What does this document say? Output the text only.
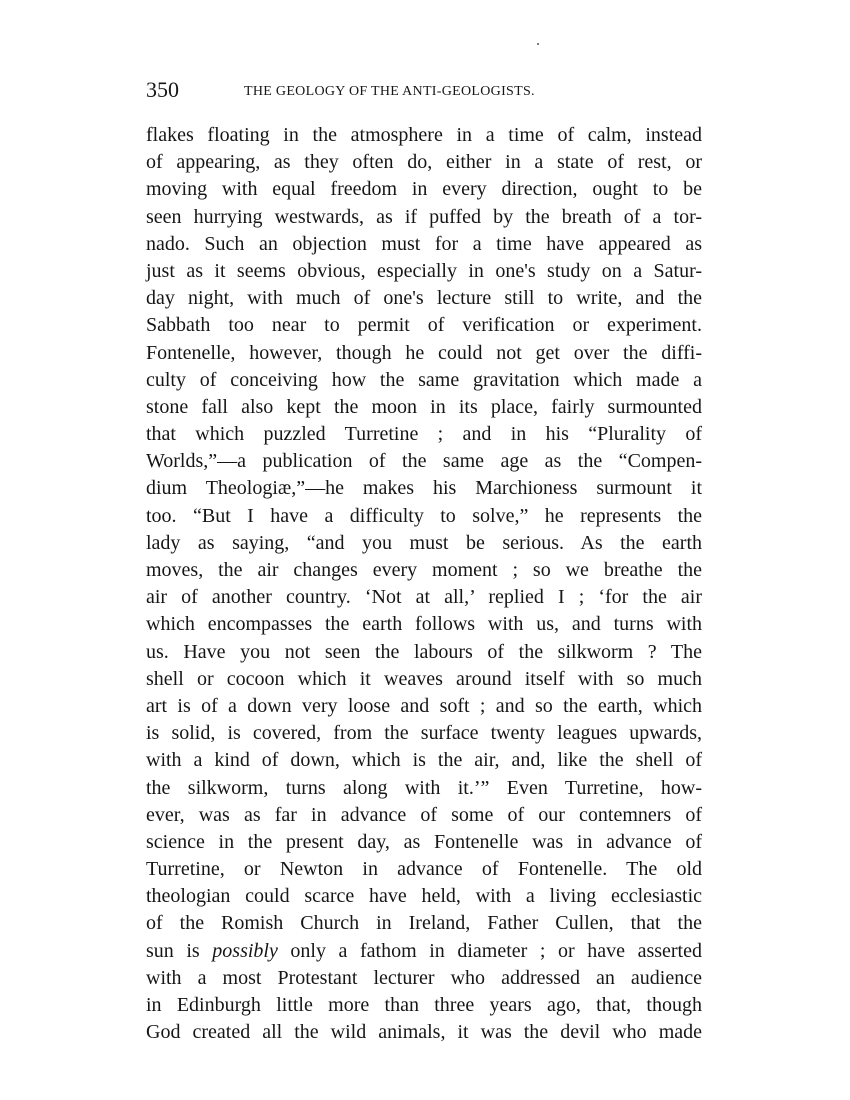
350	THE GEOLOGY OF THE ANTI-GEOLOGISTS.
flakes floating in the atmosphere in a time of calm, instead
of appearing, as they often do, either in a state of rest, or
moving with equal freedom in every direction, ought to be
seen hurrying westwards, as if puffed by the breath of a tor-
nado. Such an objection must for a time have appeared as
just as it seems obvious, especially in one's study on a Satur-
day night, with much of one's lecture still to write, and the
Sabbath too near to permit of verification or experiment.
Fontenelle, however, though he could not get over the diffi-
culty of conceiving how the same gravitation which made a
stone fall also kept the moon in its place, fairly surmounted
that which puzzled Turretine ; and in his “Plurality of
Worlds,”—a publication of the same age as the “Compen-
dium Theologiæ,”—he makes his Marchioness surmount it
too. “But I have a difficulty to solve,” he represents the
lady as saying, “and you must be serious. As the earth
moves, the air changes every moment ; so we breathe the
air of another country. ‘Not at all,’ replied I ; ‘for the air
which encompasses the earth follows with us, and turns with
us. Have you not seen the labours of the silkworm ? The
shell or cocoon which it weaves around itself with so much
art is of a down very loose and soft ; and so the earth, which
is solid, is covered, from the surface twenty leagues upwards,
with a kind of down, which is the air, and, like the shell of
the silkworm, turns along with it.’” Even Turretine, how-
ever, was as far in advance of some of our contemners of
science in the present day, as Fontenelle was in advance of
Turretine, or Newton in advance of Fontenelle. The old
theologian could scarce have held, with a living ecclesiastic
of the Romish Church in Ireland, Father Cullen, that the
sun is possibly only a fathom in diameter ; or have asserted
with a most Protestant lecturer who addressed an audience
in Edinburgh little more than three years ago, that, though
God created all the wild animals, it was the devil who made
